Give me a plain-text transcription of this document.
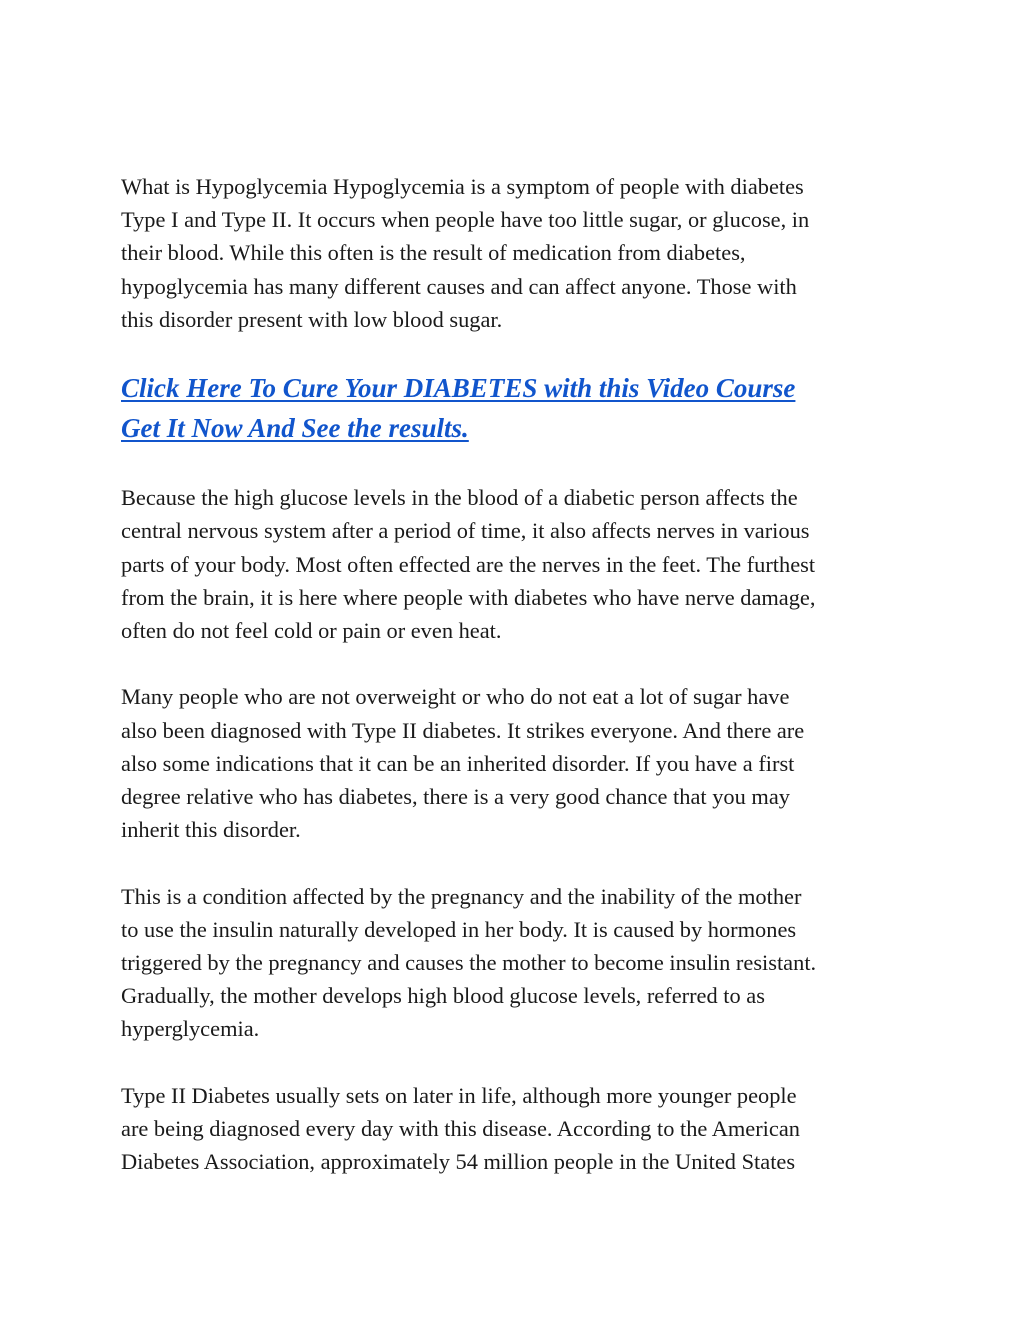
What is Hypoglycemia Hypoglycemia is a symptom of people with diabetes
Type I and Type II. It occurs when people have too little sugar, or glucose, in
their blood. While this often is the result of medication from diabetes,
hypoglycemia has many different causes and can affect anyone. Those with
this disorder present with low blood sugar.

Click Here To Cure Your DIABETES with this Video Course
Get It Now And See the results.

Because the high glucose levels in the blood of a diabetic person affects the
central nervous system after a period of time, it also affects nerves in various
parts of your body. Most often effected are the nerves in the feet. The furthest
from the brain, it is here where people with diabetes who have nerve damage,
often do not feel cold or pain or even heat.

Many people who are not overweight or who do not eat a lot of sugar have
also been diagnosed with Type II diabetes. It strikes everyone. And there are
also some indications that it can be an inherited disorder. If you have a first
degree relative who has diabetes, there is a very good chance that you may
inherit this disorder.

This is a condition affected by the pregnancy and the inability of the mother
to use the insulin naturally developed in her body. It is caused by hormones
triggered by the pregnancy and causes the mother to become insulin resistant.
Gradually, the mother develops high blood glucose levels, referred to as
hyperglycemia.

Type II Diabetes usually sets on later in life, although more younger people
are being diagnosed every day with this disease. According to the American
Diabetes Association, approximately 54 million people in the United States
